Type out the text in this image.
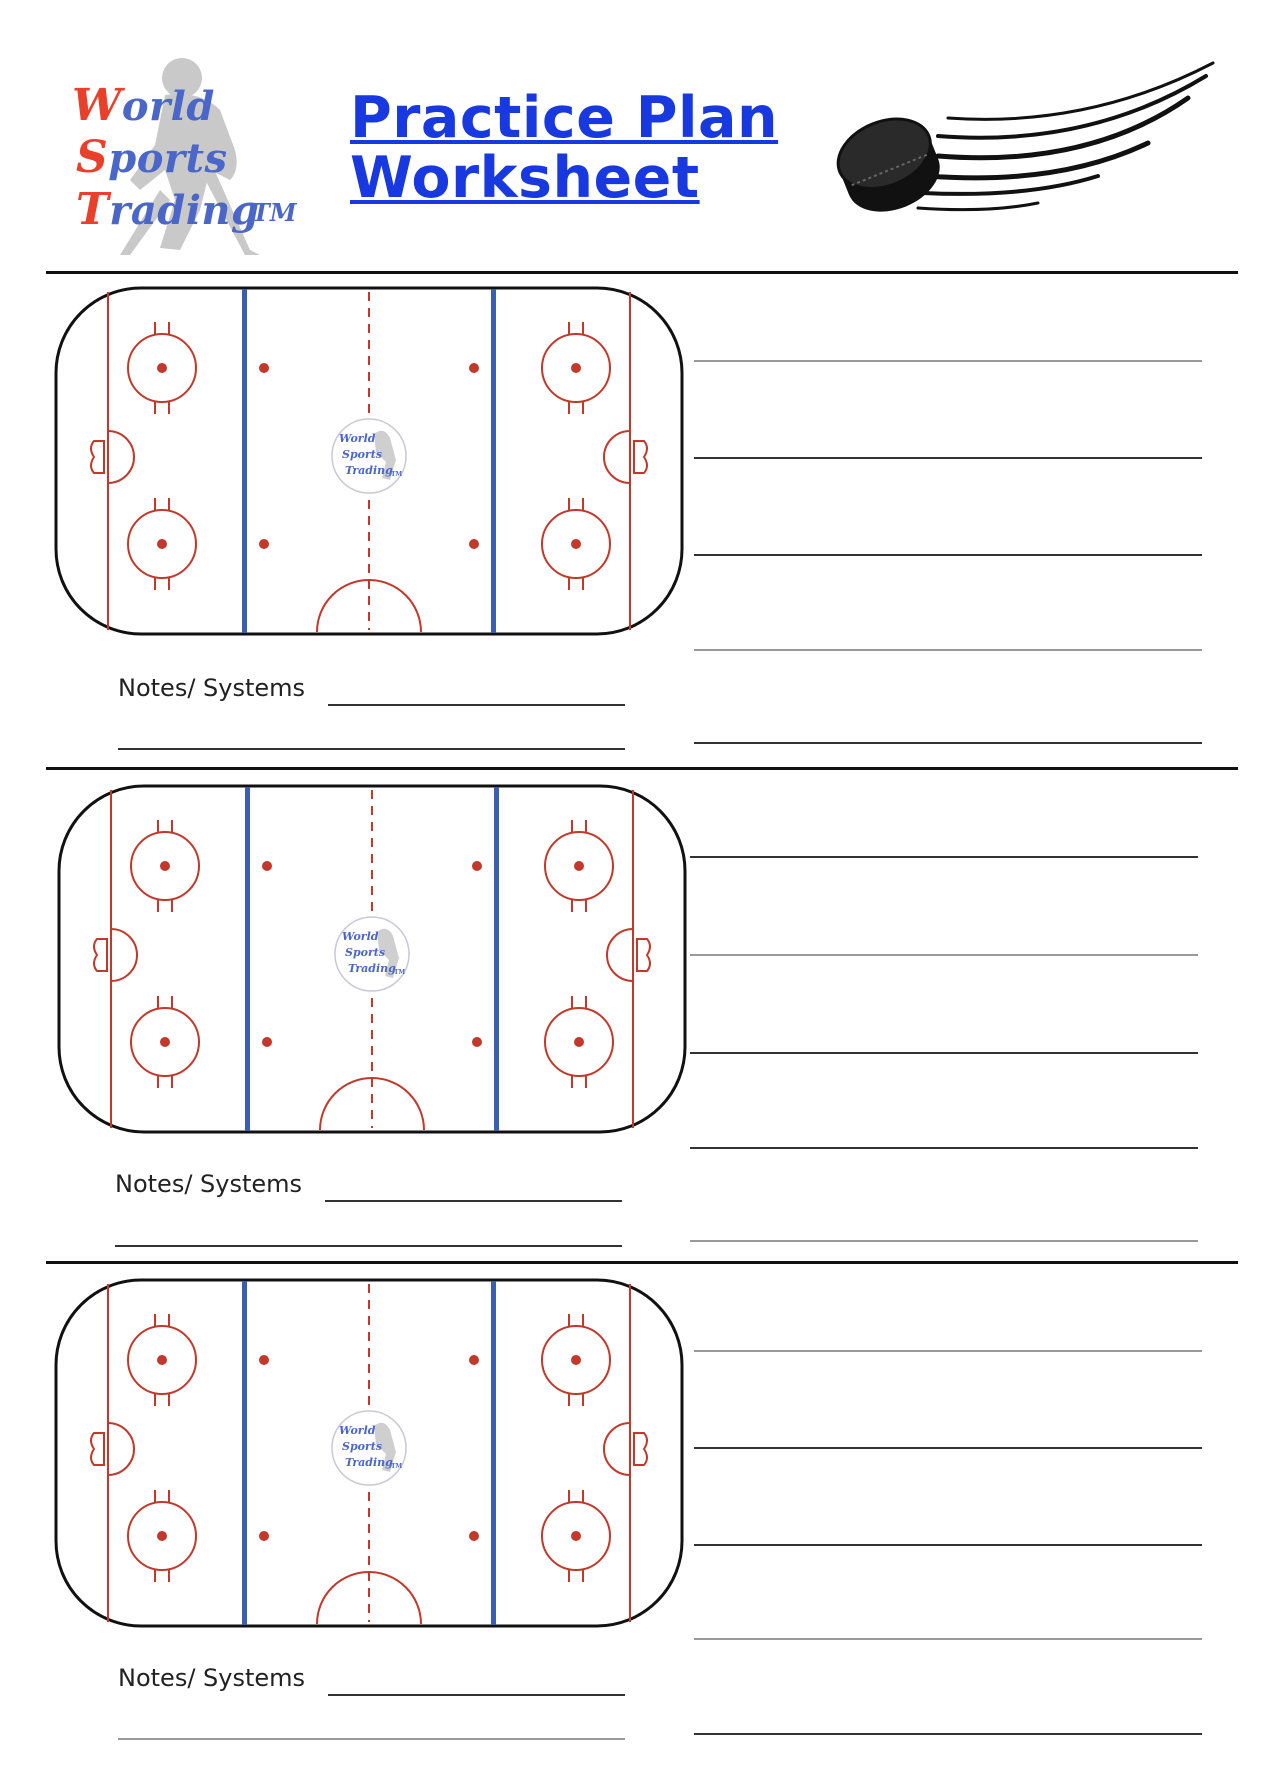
World
Sports
Trading
TM
Practice Plan
Worksheet
World
Sports
Trading
TM
World
Sports
Trading
TM
World
Sports
Trading
TM
Notes/ Systems
Notes/ Systems
Notes/ Systems
